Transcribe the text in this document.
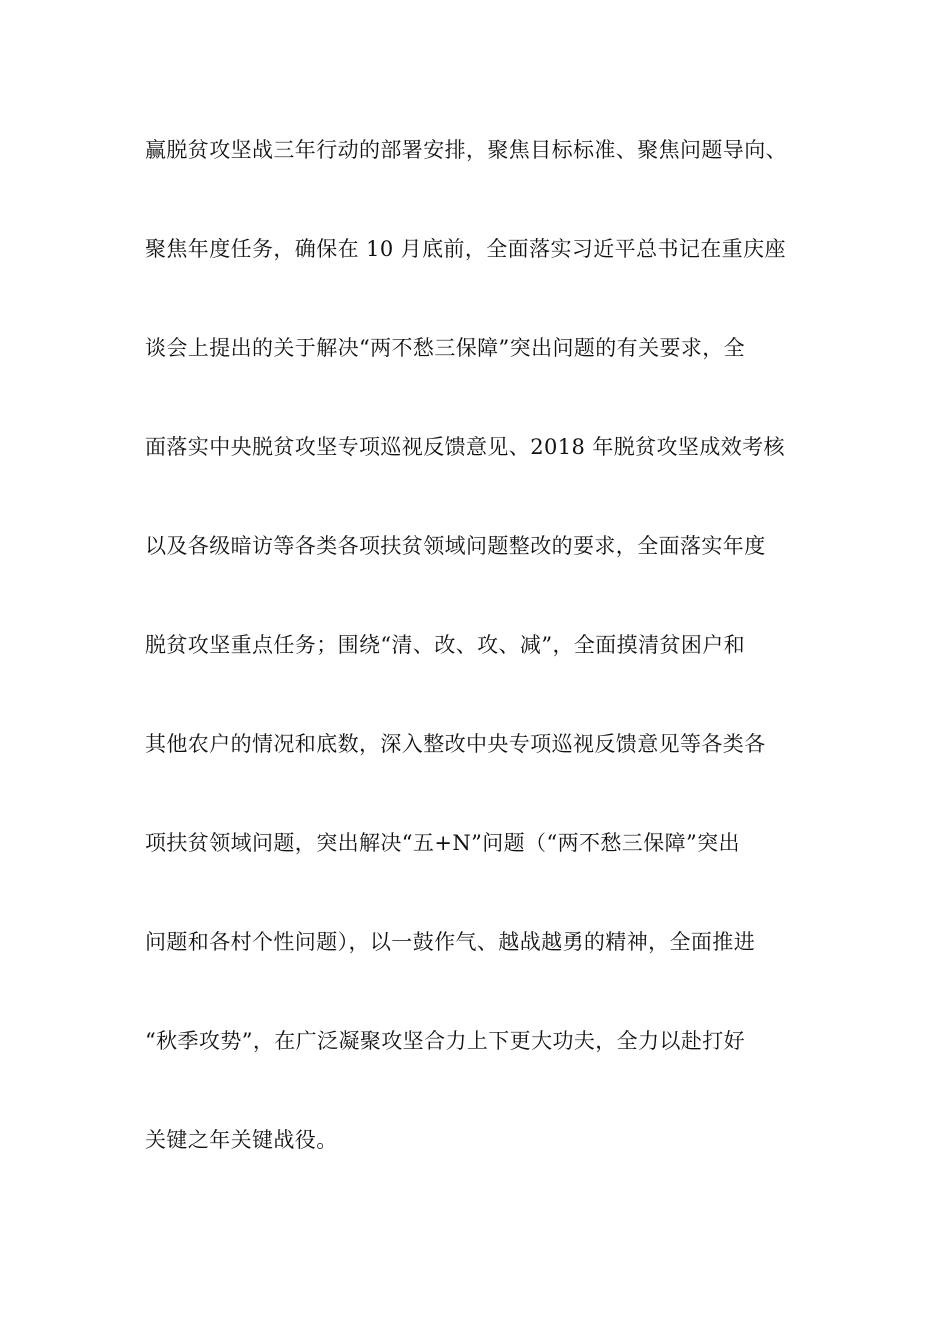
赢脱贫攻坚战三年行动的部署安排，聚焦目标标准、聚焦问题导向、

聚焦年度任务，确保在 10 月底前，全面落实习近平总书记在重庆座

谈会上提出的关于解决“两不愁三保障”突出问题的有关要求，全

面落实中央脱贫攻坚专项巡视反馈意见、2018 年脱贫攻坚成效考核

以及各级暗访等各类各项扶贫领域问题整改的要求，全面落实年度

脱贫攻坚重点任务；围绕“清、改、攻、减”，全面摸清贫困户和

其他农户的情况和底数，深入整改中央专项巡视反馈意见等各类各

项扶贫领域问题，突出解决“五+N”问题（“两不愁三保障”突出

问题和各村个性问题），以一鼓作气、越战越勇的精神，全面推进

“秋季攻势”，在广泛凝聚攻坚合力上下更大功夫，全力以赴打好

关键之年关键战役。
